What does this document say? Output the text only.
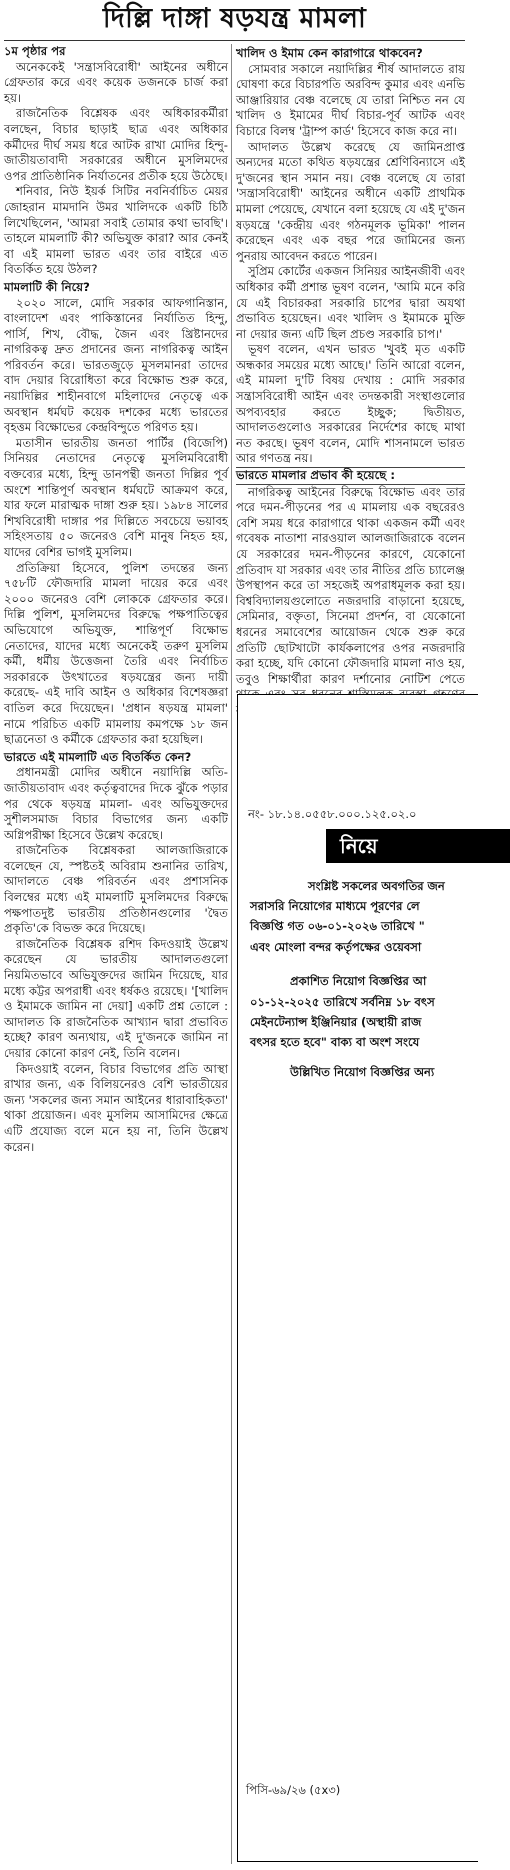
দিল্লি দাঙ্গা ষড়যন্ত্র মামলা

১ম পৃষ্ঠার পর

অনেককেই 'সন্ত্রাসবিরোধী' আইনের অধীনে গ্রেফতার করে এবং কয়েক ডজনকে চার্জ করা হয়।

রাজনৈতিক বিশ্লেষক এবং অধিকারকর্মীরা বলছেন, বিচার ছাড়াই ছাত্র এবং অধিকার কর্মীদের দীর্ঘ সময় ধরে আটক রাখা মোদির হিন্দু-জাতীয়তাবাদী সরকারের অধীনে মুসলিমদের ওপর প্রাতিষ্ঠানিক নির্যাতনের প্রতীক হয়ে উঠেছে।

শনিবার, নিউ ইয়র্ক সিটির নবনির্বাচিত মেয়র জোহরান মামদানি উমর খালিদকে একটি চিঠি লিখেছিলেন, 'আমরা সবাই তোমার কথা ভাবছি'। তাহলে মামলাটি কী? অভিযুক্ত কারা? আর কেনই বা এই মামলা ভারত এবং তার বাইরে এত বিতর্কিত হয়ে উঠল?

মামলাটি কী নিয়ে?

২০২০ সালে, মোদি সরকার আফগানিস্তান, বাংলাদেশ এবং পাকিস্তানের নির্যাতিত হিন্দু, পার্সি, শিখ, বৌদ্ধ, জৈন এবং খ্রিষ্টানদের নাগরিকত্ব দ্রুত প্রদানের জন্য নাগরিকত্ব আইন পরিবর্তন করে। ভারতজুড়ে মুসলমানরা তাদের বাদ দেয়ার বিরোধিতা করে বিক্ষোভ শুরু করে, নয়াদিল্লির শাহীনবাগে মহিলাদের নেতৃত্বে এক অবস্থান ধর্মঘট কয়েক দশকের মধ্যে ভারতের বৃহত্তম বিক্ষোভের কেন্দ্রবিন্দুতে পরিণত হয়।

মতাসীন ভারতীয় জনতা পার্টির (বিজেপি) সিনিয়র নেতাদের নেতৃত্বে মুসলিমবিরোধী বক্তব্যের মধ্যে, হিন্দু ডানপন্থী জনতা দিল্লির পূর্ব অংশে শান্তিপূর্ণ অবস্থান ধর্মঘটে আক্রমণ করে, যার ফলে মারাত্মক দাঙ্গা শুরু হয়। ১৯৮৪ সালের শিখবিরোধী দাঙ্গার পর দিল্লিতে সবচেয়ে ভয়াবহ সহিংসতায় ৫০ জনেরও বেশি মানুষ নিহত হয়, যাদের বেশির ভাগই মুসলিম।

প্রতিক্রিয়া হিসেবে, পুলিশ তদন্তের জন্য ৭৫৮টি ফৌজদারি মামলা দায়ের করে এবং ২০০০ জনেরও বেশি লোককে গ্রেফতার করে। দিল্লি পুলিশ, মুসলিমদের বিরুদ্ধে পক্ষপাতিত্বের অভিযোগে অভিযুক্ত, শান্তিপূর্ণ বিক্ষোভ নেতাদের, যাদের মধ্যে অনেকেই তরুণ মুসলিম কর্মী, ধর্মীয় উত্তেজনা তৈরি এবং নির্বাচিত সরকারকে উৎখাতের ষড়যন্ত্রের জন্য দায়ী করেছে- এই দাবি আইন ও অধিকার বিশেষজ্ঞরা বাতিল করে দিয়েছেন। 'প্রধান ষড়যন্ত্র মামলা' নামে পরিচিত একটি মামলায় কমপক্ষে ১৮ জন ছাত্রনেতা ও কর্মীকে গ্রেফতার করা হয়েছিল।

ভারতে এই মামলাটি এত বিতর্কিত কেন?

প্রধানমন্ত্রী মোদির অধীনে নয়াদিল্লি অতি-জাতীয়তাবাদ এবং কর্তৃত্ববাদের দিকে ঝুঁকে পড়ার পর থেকে ষড়যন্ত্র মামলা- এবং অভিযুক্তদের সুশীলসমাজ বিচার বিভাগের জন্য একটি অগ্নিপরীক্ষা হিসেবে উল্লেখ করেছে।

রাজনৈতিক বিশ্লেষকরা আলজাজিরাকে বলেছেন যে, স্পষ্টতই অবিরাম শুনানির তারিখ, আদালতে বেঞ্চ পরিবর্তন এবং প্রশাসনিক বিলম্বের মধ্যে এই মামলাটি মুসলিমদের বিরুদ্ধে পক্ষপাতদুষ্ট ভারতীয় প্রতিষ্ঠানগুলোর 'দ্বৈত প্রকৃতি'কে বিভক্ত করে দিয়েছে।

রাজনৈতিক বিশ্লেষক রশিদ কিদওয়াই উল্লেখ করেছেন যে ভারতীয় আদালতগুলো নিয়মিতভাবে অভিযুক্তদের জামিন দিয়েছে, যার মধ্যে কট্টর অপরাধী এবং ধর্ষকও রয়েছে। '[খালিদ ও ইমামকে জামিন না দেয়া] একটি প্রশ্ন তোলে : আদালত কি রাজনৈতিক আখ্যান দ্বারা প্রভাবিত হচ্ছে? কারণ অন্যথায়, এই দু'জনকে জামিন না দেয়ার কোনো কারণ নেই, তিনি বলেন।

কিদওয়াই বলেন, বিচার বিভাগের প্রতি আস্থা রাখার জন্য, এক বিলিয়নেরও বেশি ভারতীয়ের জন্য 'সকলের জন্য সমান আইনের ধারাবাহিকতা' থাকা প্রয়োজন। এবং মুসলিম আসামিদের ক্ষেত্রে এটি প্রযোজ্য বলে মনে হয় না, তিনি উল্লেখ করেন।

খালিদ ও ইমাম কেন কারাগারে থাকবেন?

সোমবার সকালে নয়াদিল্লির শীর্ষ আদালতে রায় ঘোষণা করে বিচারপতি অরবিন্দ কুমার এবং এনভি আঞ্জারিয়ার বেঞ্চ বলেছে যে তারা নিশ্চিত নন যে খালিদ ও ইমামের দীর্ঘ বিচার-পূর্ব আটক এবং বিচারে বিলম্ব 'ট্রাম্প কার্ড' হিসেবে কাজ করে না।

আদালত উল্লেখ করেছে যে জামিনপ্রাপ্ত অন্যদের মতো কথিত ষড়যন্ত্রের শ্রেণিবিন্যাসে এই দু'জনের স্থান সমান নয়। বেঞ্চ বলেছে যে তারা 'সন্ত্রাসবিরোধী' আইনের অধীনে একটি প্রাথমিক মামলা পেয়েছে, যেখানে বলা হয়েছে যে এই দু'জন ষড়যন্ত্রে 'কেন্দ্রীয় এবং গঠনমূলক ভূমিকা' পালন করেছেন এবং এক বছর পরে জামিনের জন্য পুনরায় আবেদন করতে পারেন।

সুপ্রিম কোর্টের একজন সিনিয়র আইনজীবী এবং অধিকার কর্মী প্রশান্ত ভূষণ বলেন, 'আমি মনে করি যে এই বিচারকরা সরকারি চাপের দ্বারা অযথা প্রভাবিত হয়েছেন। এবং খালিদ ও ইমামকে মুক্তি না দেয়ার জন্য এটি ছিল প্রচণ্ড সরকারি চাপ।'

ভূষণ বলেন, এখন ভারত 'খুবই মৃত একটি অন্ধকার সময়ের মধ্যে আছে।' তিনি আরো বলেন, এই মামলা দু'টি বিষয় দেখায় : মোদি সরকার সন্ত্রাসবিরোধী আইন এবং তদন্তকারী সংস্থাগুলোর অপব্যবহার করতে ইচ্ছুক; দ্বিতীয়ত, আদালতগুলোও সরকারের নির্দেশের কাছে মাথা নত করছে। ভূষণ বলেন, মোদি শাসনামলে ভারত আর গণতন্ত্র নয়।

ভারতে মামলার প্রভাব কী হয়েছে :

নাগরিকত্ব আইনের বিরুদ্ধে বিক্ষোভ এবং তার পরে দমন-পীড়নের পর এ মামলায় এক বছরেরও বেশি সময় ধরে কারাগারে থাকা একজন কর্মী এবং গবেষক নাতাশা নারওয়াল আলজাজিরাকে বলেন যে সরকারের দমন-পীড়নের কারণে, যেকোনো প্রতিবাদ যা সরকার এবং তার নীতির প্রতি চ্যালেঞ্জ উপস্থাপন করে তা সহজেই অপরাধমূলক করা হয়। বিশ্ববিদ্যালয়গুলোতে নজরদারি বাড়ানো হয়েছে, সেমিনার, বক্তৃতা, সিনেমা প্রদর্শন, বা যেকোনো ধরনের সমাবেশের আয়োজন থেকে শুরু করে প্রতিটি ছোটখাটো কার্যকলাপের ওপর নজরদারি করা হচ্ছে, যদি কোনো ফৌজদারি মামলা নাও হয়, তবুও শিক্ষার্থীরা কারণ দর্শানোর নোটিশ পেতে

নং- ১৮.১৪.০৫৫৮.০০০.১২৫.০২.০
নিয়ে
সংশ্লিষ্ট সকলের অবগতির জন
সরাসরি নিয়োগের মাধ্যমে পূরণের লে
বিজ্ঞপ্তি গত ০৬-০১-২০২৬ তারিখে "
এবং মোংলা বন্দর কর্তৃপক্ষের ওয়েবসা
প্রকাশিত নিয়োগ বিজ্ঞপ্তির আ
০১-১২-২০২৫ তারিখে সর্বনিম্ন ১৮ বৎস
মেইনটেন্যান্স ইঞ্জিনিয়ার (অস্থায়ী রাজ
বৎসর হতে হবে" বাক্য বা অংশ সংযে
উল্লিখিত নিয়োগ বিজ্ঞপ্তির অন্য
পিসি-৬৯/২৬ (৫x৩)
